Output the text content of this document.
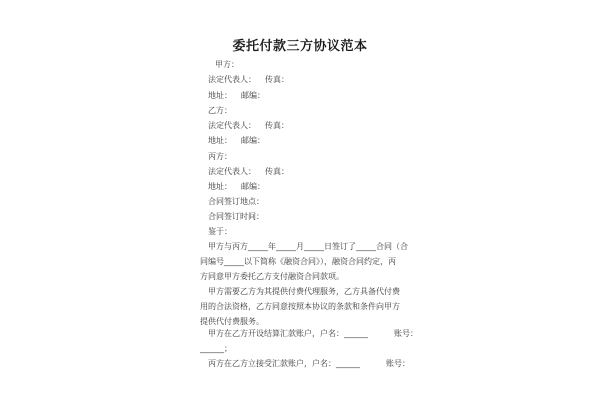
委托付款三方协议范本
甲方：
法定代表人： 传真：
地址： 邮编：
乙方：
法定代表人： 传真：
地址： 邮编：
丙方：
法定代表人： 传真：
地址： 邮编：
合同签订地点：
合同签订时间：
鉴于：
甲方与丙方_____年_____月_____日签订了_____合同（合
同编号_____以下简称《融资合同》），融资合同约定，丙
方同意甲方委托乙方支付融资合同款项。
甲方需要乙方为其提供付费代理服务，乙方具备代付费
用的合法资格，乙方同意按照本协议的条款和条件向甲方
提供代付费服务。
甲方在乙方开设结算汇款账户，户名：______	账号：
______；
丙方在乙方立接受汇款账户，户名：______	账号：
